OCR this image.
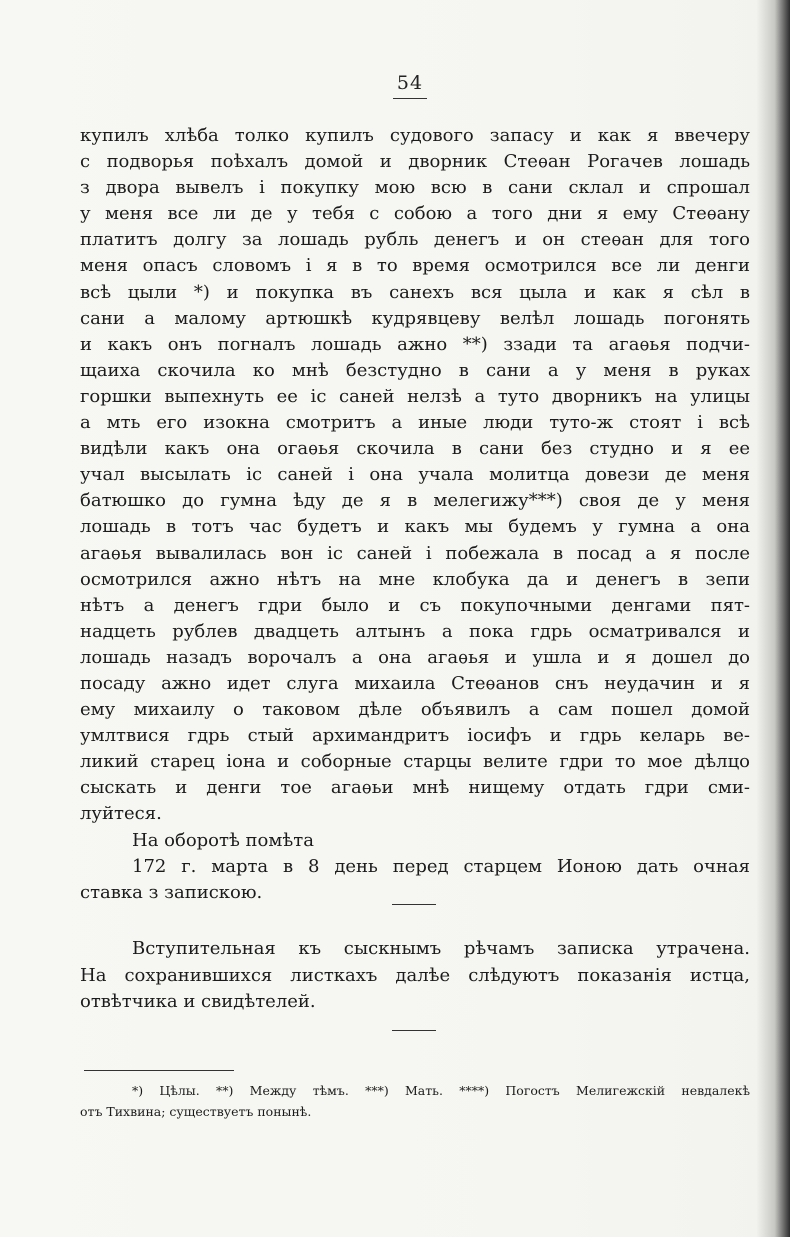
54
купилъ хлѣба толко купилъ судового запасу и как я ввечеру
с подворья поѣхалъ домой и дворник Стеѳан Рогачев лошадь
з двора вывелъ і покупку мою всю в сани склал и спрошал
у меня все ли де у тебя с собою а того дни я ему Стеѳану
платитъ долгу за лошадь рубль денегъ и он стеѳан для того
меня опасъ словомъ і я в то время осмотрился все ли денги
всѣ цыли *) и покупка въ санехъ вся цыла и как я сѣл в
сани а малому артюшкѣ кудрявцеву велѣл лошадь погонять
и какъ онъ погналъ лошадь ажно **) ззади та агаѳья подчи-
щаиха скочила ко мнѣ безстудно в сани а у меня в руках
горшки выпехнуть ее іс саней нелзѣ а туто дворникъ на улицы
а мть его изокна смотритъ а иные люди туто-ж стоят і всѣ
видѣли какъ она огаѳья скочила в сани без студно и я ее
учал высылать іс саней і она учала молитца довези де меня
батюшко до гумна ѣду де я в мелегижу***) своя де у меня
лошадь в тотъ час будетъ и какъ мы будемъ у гумна а она
агаѳья вывалилась вон іс саней і побежала в посад а я после
осмотрился ажно нѣтъ на мне клобука да и денегъ в зепи
нѣтъ а денегъ гдри было и съ покупочными денгами пят-
надцеть рублев двадцеть алтынъ а пока гдрь осматривался и
лошадь назадъ ворочалъ а она агаѳья и ушла и я дошел до
посаду ажно идет слуга михаила Стеѳанов снъ неудачин и я
ему михаилу о таковом дѣле объявилъ а сам пошел домой
умлтвися гдрь стый архимандритъ іосифъ и гдрь келарь ве-
ликий старец іона и соборные старцы велите гдри то мое дѣлцо
сыскать и денги тое агаѳьи мнѣ нищему отдать гдри сми-
луйтеся.
На оборотѣ помѣта
172 г. марта в 8 день перед старцем Ионою дать очная
ставка з запискою.
Вступительная къ сыскнымъ рѣчамъ записка утрачена.
На сохранившихся листкахъ далѣе слѣдуютъ показанія истца,
отвѣтчика и свидѣтелей.
*) Цѣлы. **) Между тѣмъ. ***) Мать. ****) Погостъ Мелигежскій невдалекѣ
отъ Тихвина; существуетъ понынѣ.
